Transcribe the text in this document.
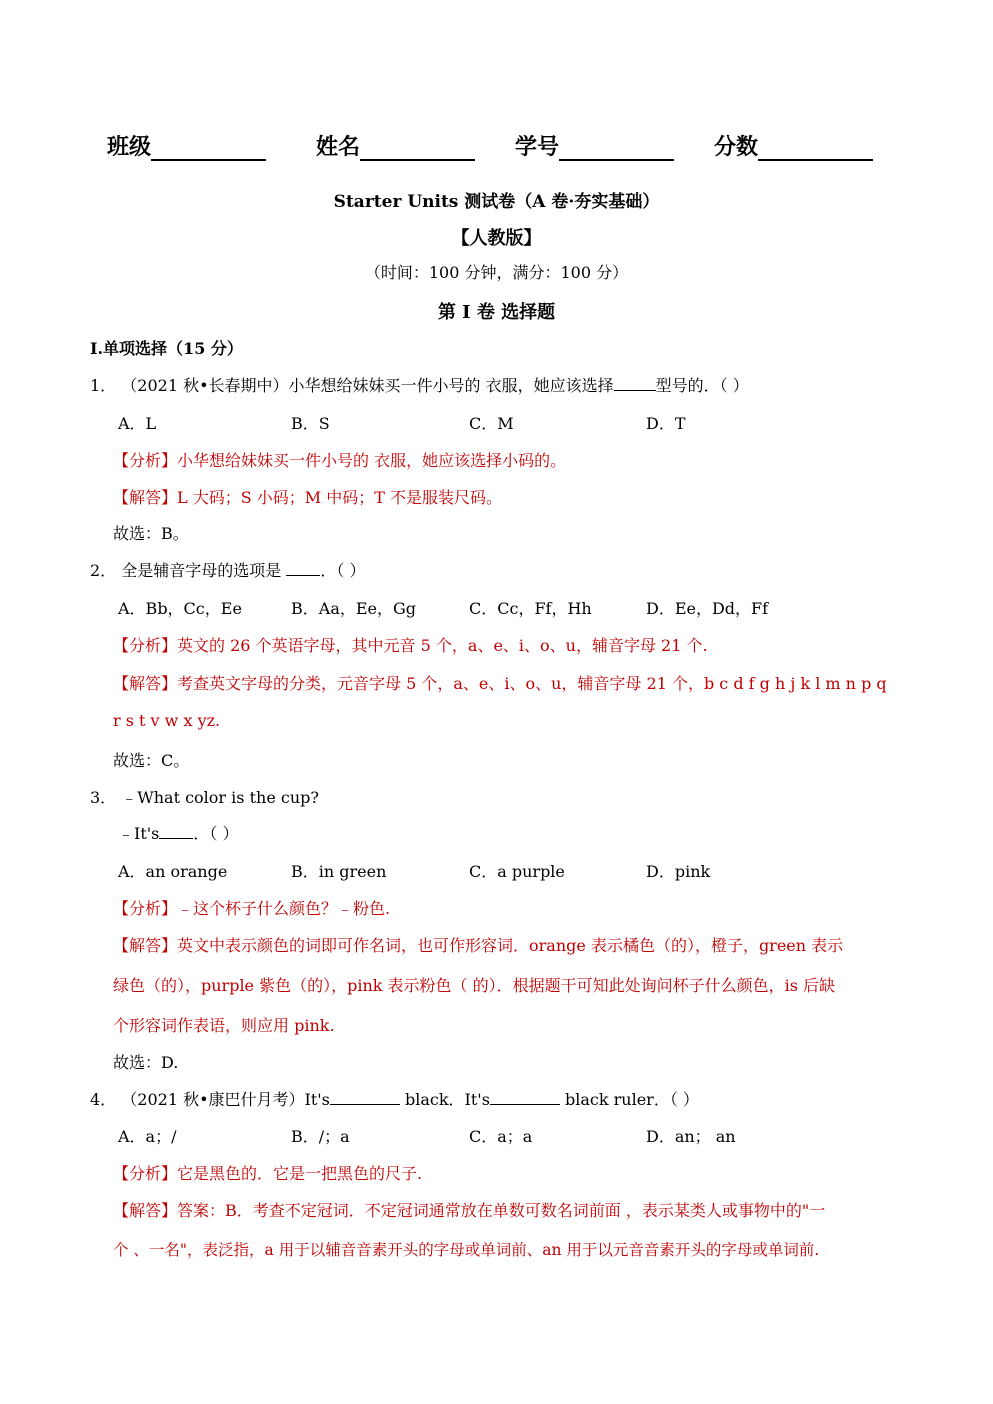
班级	姓名	学号	分数
Starter Units 测试卷（A 卷·夯实基础）
【人教版】
（时间：100 分钟，满分：100 分）
第 I 卷 选择题
I.单项选择（15 分）
1． （2021 秋•长春期中）小华想给妹妹买一件小号的 衣服，她应该选择	型号的．（ ）
A．L	B．S	C．M	D．T
【分析】小华想给妹妹买一件小号的 衣服，她应该选择小码的。
【解答】L 大码；S 小码；M 中码；T 不是服装尺码。
故选：B。
2． 全是辅音字母的选项是 ．（ ）
A．Bb，Cc，Ee	B．Aa，Ee，Gg	C．Cc，Ff，Hh	D．Ee，Dd，Ff
【分析】英文的 26 个英语字母，其中元音 5 个，a、e、i、o、u，辅音字母 21 个.
【解答】考查英文字母的分类，元音字母 5 个，a、e、i、o、u，辅音字母 21 个，b c d f g h j k l m n p q
r s t v w x yz.
故选：C。
3． ﹣What color is the cup?
﹣It's ．（ ）
A．an orange	B．in green	C．a purple	D．pink
【分析】﹣这个杯子什么颜色？﹣粉色.
【解答】英文中表示颜色的词即可作名词，也可作形容词．orange 表示橘色（的），橙子，green 表示
绿色（的），purple 紫色（的），pink 表示粉色（ 的）．根据题干可知此处询问杯子什么颜色，is 后缺
个形容词作表语，则应用 pink.
故选：D.
4． （2021 秋•康巴什月考）It's	black．It's	black ruler．（ ）
A．a；/	B．/；a	C．a；a	D．an； an
【分析】它是黑色的．它是一把黑色的尺子.
【解答】答案：B．考查不定冠词．不定冠词通常放在单数可数名词前面 ，表示某类人或事物中的"一
个 、一名"，表泛指，a 用于以辅音音素开头的字母或单词前、an 用于以元音音素开头的字母或单词前.
